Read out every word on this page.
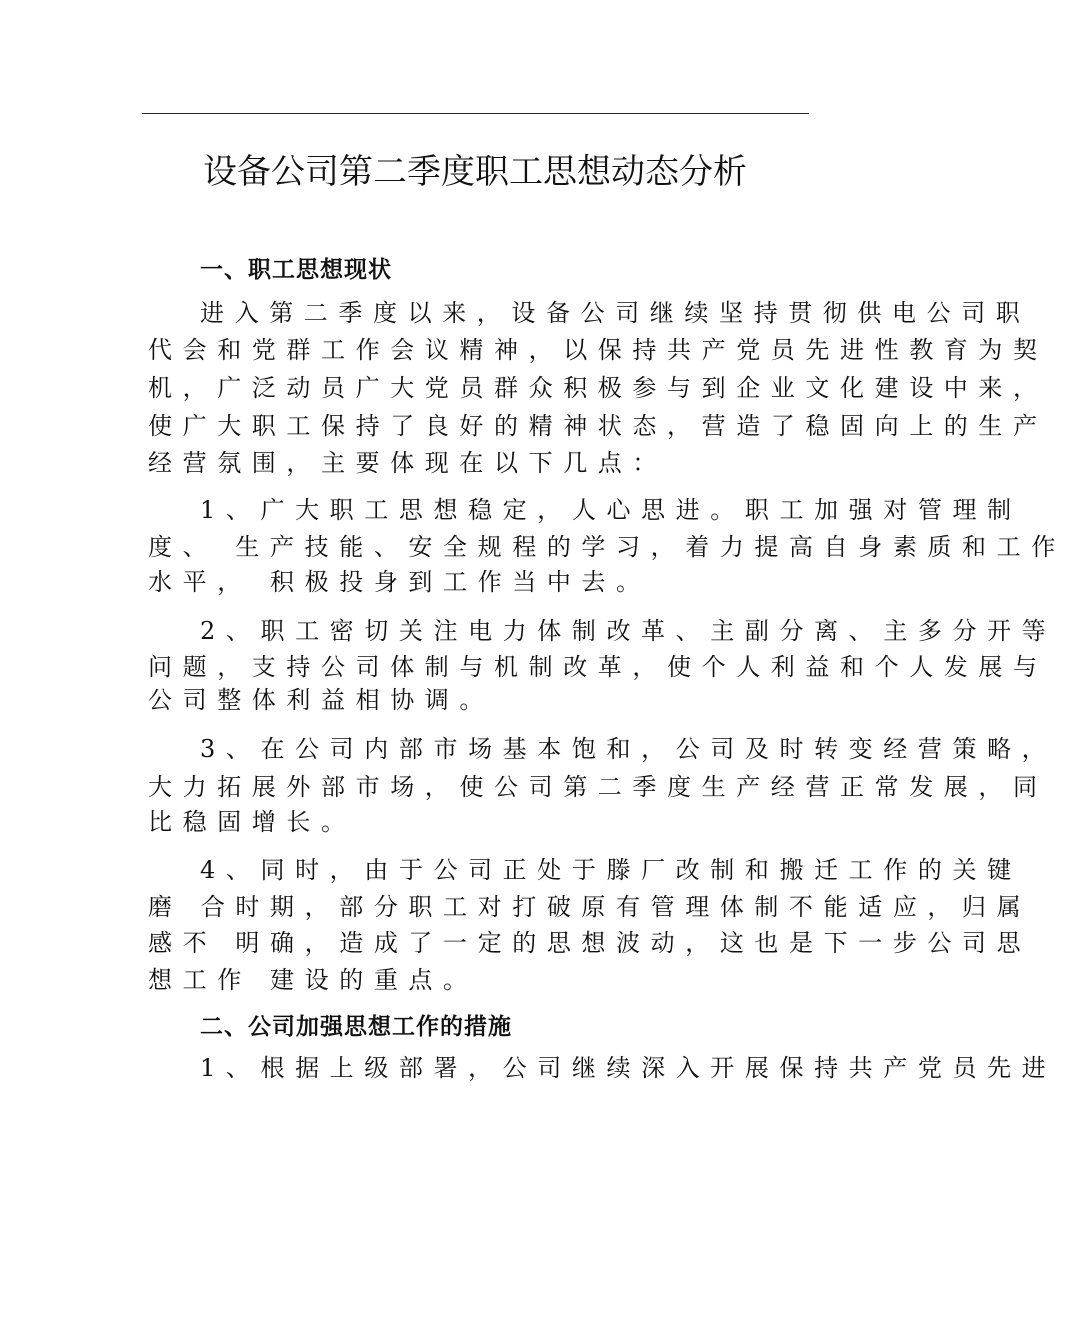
设备公司第二季度职工思想动态分析
一、职工思想现状
进入第二季度以来，设备公司继续坚持贯彻供电公司职
代会和党群工作会议精神，以保持共产党员先进性教育为契
机，广泛动员广大党员群众积极参与到企业文化建设中来，
使广大职工保持了良好的精神状态，营造了稳固向上的生产
经营氛围，主要体现在以下几点：
1、广大职工思想稳定，人心思进。职工加强对管理制
度、 生产技能、安全规程的学习，着力提高自身素质和工作
水平， 积极投身到工作当中去。
2、职工密切关注电力体制改革、主副分离、主多分开等
问题，支持公司体制与机制改革，使个人利益和个人发展与
公司整体利益相协调。
3、在公司内部市场基本饱和，公司及时转变经营策略，
大力拓展外部市场，使公司第二季度生产经营正常发展，同
比稳固增长。
4、同时，由于公司正处于滕厂改制和搬迁工作的关键
磨 合时期，部分职工对打破原有管理体制不能适应，归属
感不 明确，造成了一定的思想波动，这也是下一步公司思
想工作 建设的重点。
二、公司加强思想工作的措施
1、根据上级部署，公司继续深入开展保持共产党员先进
